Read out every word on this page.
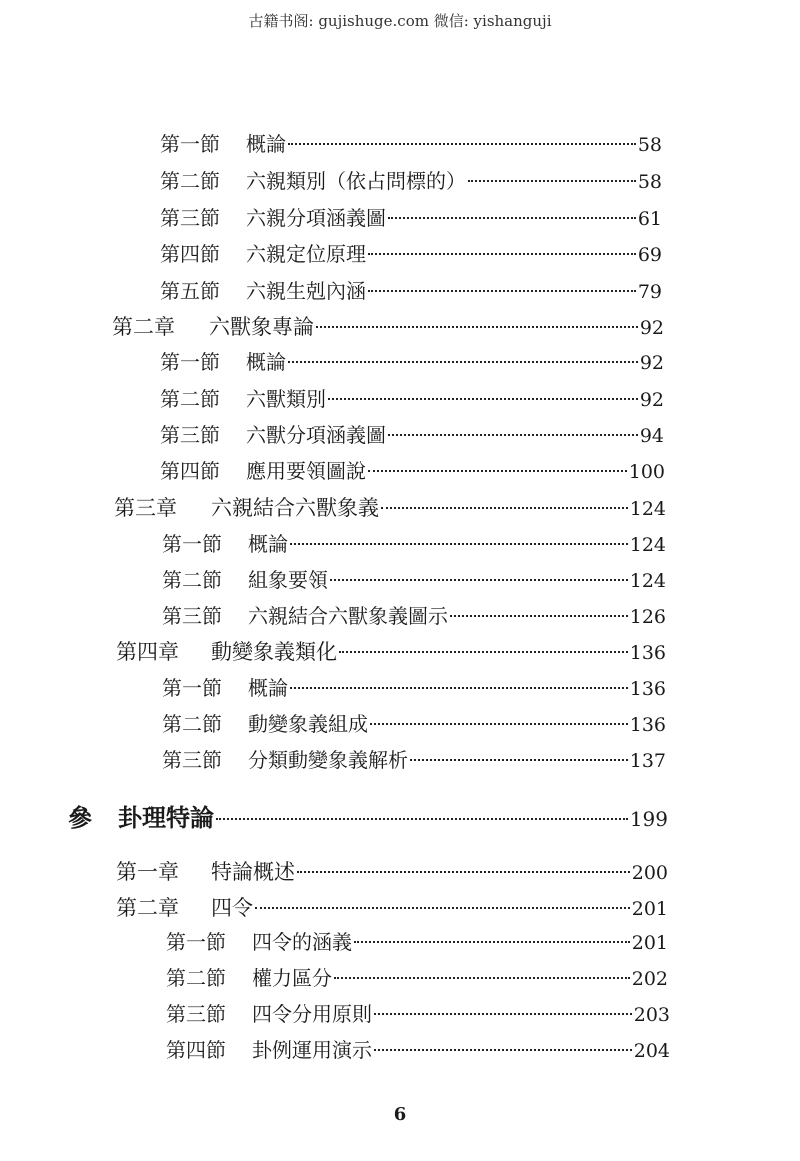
古籍书阁: gujishuge.com 微信: yishanguji
第一節 概論	58
第二節 六親類別（依占問標的）	58
第三節 六親分項涵義圖	61
第四節 六親定位原理	69
第五節 六親生剋內涵	79
第二章 六獸象專論	92
第一節 概論	92
第二節 六獸類別	92
第三節 六獸分項涵義圖	94
第四節 應用要領圖說	100
第三章 六親結合六獸象義	124
第一節 概論	124
第二節 組象要領	124
第三節 六親結合六獸象義圖示	126
第四章 動變象義類化	136
第一節 概論	136
第二節 動變象義組成	136
第三節 分類動變象義解析	137
參 卦理特論	199
第一章 特論概述	200
第二章 四令	201
第一節 四令的涵義	201
第二節 權力區分	202
第三節 四令分用原則	203
第四節 卦例運用演示	204
6
